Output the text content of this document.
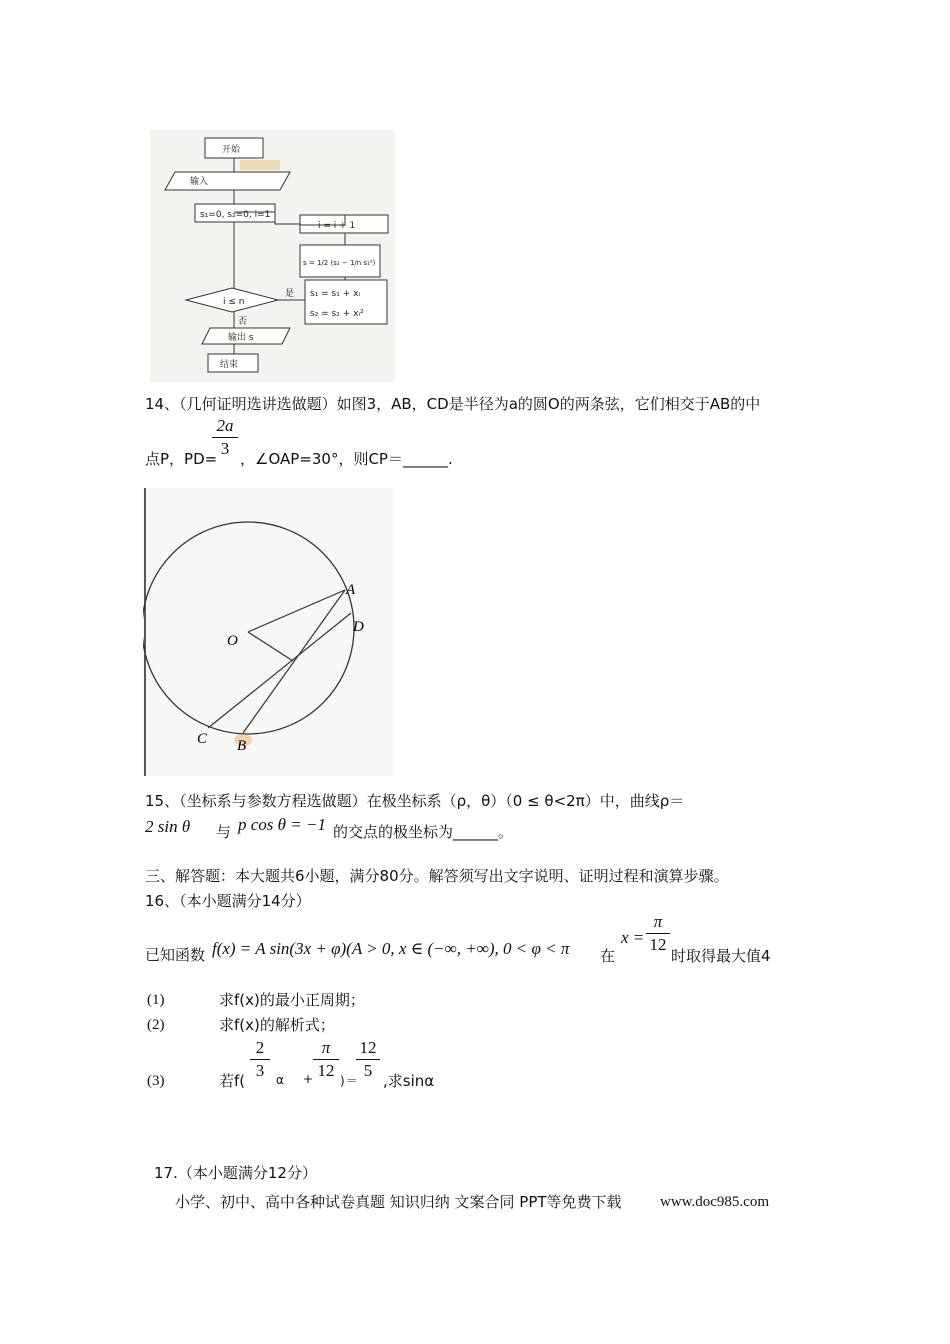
开始
输入
s₁=0, s₂=0, i=1
i = i + 1
s = 1/2 (s₂ − 1/n s₁²)
i ≤ n
是
否
s₁ = s₁ + xᵢ
s₂ = s₂ + xᵢ²
输出 s
结束
14、（几何证明选讲选做题）如图3，AB，CD是半径为a的圆O的两条弦，它们相交于AB的中
点P，PD=
2a
3
，∠OAP=30°，则CP＝______.
A
D
O
C B
15、（坐标系与参数方程选做题）在极坐标系（ρ，θ）（0 ≤ θ<2π）中，曲线ρ＝
2 sin θ 与 p cos θ = −1 的交点的极坐标为______。
三、解答题：本大题共6小题，满分80分。解答须写出文字说明、证明过程和演算步骤。
16、（本小题满分14分）
已知函数 f(x) = A sin(3x + φ)(A > 0, x ∈ (−∞, +∞), 0 < φ < π 在
x =
π
12
时取得最大值4
(1)	求f(x)的最小正周期；
(2)	求f(x)的解析式；
(3)	若f(
2
3 α +
π
12
)＝
12
5
,求sinα
17.（本小题满分12分）
小学、初中、高中各种试卷真题 知识归纳 文案合同 PPT等免费下载	www.doc985.com
